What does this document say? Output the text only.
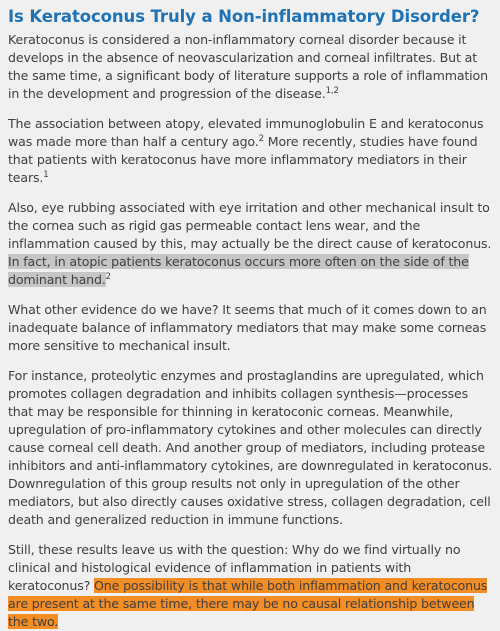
Is Keratoconus Truly a Non-inflammatory Disorder?

Keratoconus is considered a non-inflammatory corneal disorder because it develops in the absence of neovascularization and corneal infiltrates. But at the same time, a significant body of literature supports a role of inflammation in the development and progression of the disease.$^{1,2}$

The association between atopy, elevated immunoglobulin E and keratoconus was made more than half a century ago.$^2$ More recently, studies have found that patients with keratoconus have more inflammatory mediators in their tears.$^1$

Also, eye rubbing associated with eye irritation and other mechanical insult to the cornea such as rigid gas permeable contact lens wear, and the inflammation caused by this, may actually be the direct cause of keratoconus. In fact, in atopic patients keratoconus occurs more often on the side of the dominant hand.$^2$

What other evidence do we have? It seems that much of it comes down to an inadequate balance of inflammatory mediators that may make some corneas more sensitive to mechanical insult.

For instance, proteolytic enzymes and prostaglandins are upregulated, which promotes collagen degradation and inhibits collagen synthesis—processes that may be responsible for thinning in keratoconic corneas. Meanwhile, upregulation of pro-inflammatory cytokines and other molecules can directly cause corneal cell death. And another group of mediators, including protease inhibitors and anti-inflammatory cytokines, are downregulated in keratoconus. Downregulation of this group results not only in upregulation of the other mediators, but also directly causes oxidative stress, collagen degradation, cell death and generalized reduction in immune functions.

Still, these results leave us with the question: Why do we find virtually no clinical and histological evidence of inflammation in patients with keratoconus? One possibility is that while both inflammation and keratoconus are present at the same time, there may be no causal relationship between the two.
